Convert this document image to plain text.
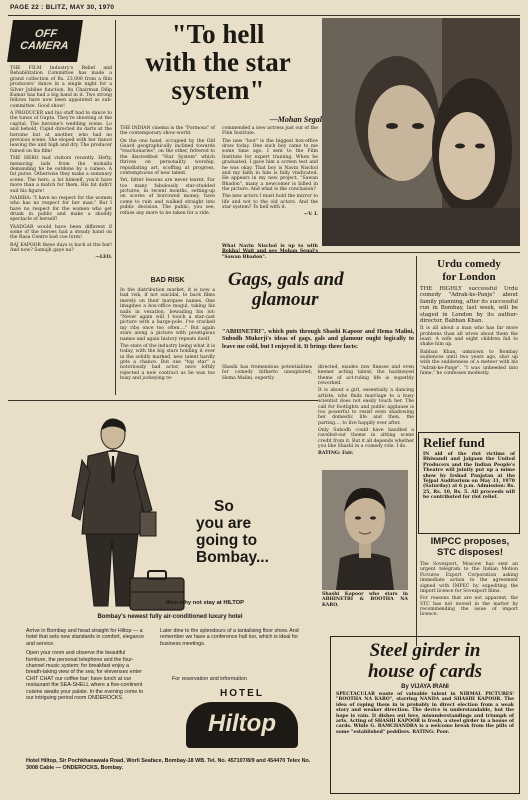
PAGE 22 : BLITZ, MAY 30, 1970
OFF CAMERA

THE FILM Industry's Relief and Rehabilitation Committee has made a grand collection of Rs. 23,000 from a film producers' dance in a single night for a Silver Jubilee function. Its Chairman Dilip Kumar has had a big hand in it. Two strong fellows have now been appointed as sub-committee. Good show!

A PRODUCER and his staff had to dance to the tunes of Gupta. They're shooting at the capital. The heroine's wedding scene. Lo and behold, Cupid directed its darts at the heroine but at another, who had no previous scene. She eloped with her fiancé leaving the unit high and dry. The producer fumed on his film!

THE HERO had visitors recently. Hefty, menacing lads from the mohalla demanding he be outdone by a cameo. A fat purse. Otherwise they make a summary scene. The hero, a lot himself, you'd have more than a match for them. His fat didn't suit his figure!

NADIRA: "I have no respect for the women who has no respect for her man." But I have no respect for the women who get drunk in public and make a shoddy spectacle of herself!

YAADGAR would have been different if some of the heroes had a steady hand on the Rasa Centre bad cue form!

RAJ KAPOOR these days is back at the bar! And now? Samajh gaye na?

—LEO.

"To hell
with the star
system"
—Mohan Segal

THE INDIAN cinema is the "Formosa" of the contemporary show-world.

On the one hand, occupied by the Old Guard geographically inclined towards "reactionaries", on the other, fettered to the discredited "Star System" which thrives on personality worship, repudiating art, scoffing at progress, contemptuous of new talent.

Yet, bitter lessons are never learnt. Far too many fabulously star-studded pictures, in recent months, setting-up on scores of borrowed money, have come to ruin and walked straight into public decision. The public, you see, refuse any more to be taken for a ride.

BAD RISK

In the distribution market, it is now a bad risk, if not suicidal, to back films merely on their marquee names. One imagines a box-office mogul, taking his nails in vexation, bewailing his lot: "Never again will I touch a star-cast picture with a barge-pole. I've cracked my ribs once too often...." But again stars along a picture with prestigious names and again history repeats itself.

The state of the industry being what it is today, with the big stars holding it over in the solidly marked, new talent hardly gets a chance. But one "top star" a notoriously bad actor, once loftily rejected a new contract as he was too busy and jockeying re-

commended a new actress just out of the Film Institute.

The new "loot" is the biggest box-office draw today. One such boy came to me some time ago. I sent to the Film Institute for expert training. When he graduated, I gave him a screen test and he was okay. That boy is Navin Nischol and my faith in him is fully vindicated. He appears in my new project, "Sawan Bhadon", many a newcomer is billed in the picture. And what is the conclusion?

The new actors I must hold the mirror to life and not to the old actors. And the star system? To hell with it.

—V. I.

What Navin Nischol is up to with "Sawan Bhadon".
Gags, gals and
glamour
"ABHINETRI", which puts through Shashi Kapoor and Hema Malini, Subodh Mukerji's ideas of gags, gals and glamour ought logically to leave me cold, but I enjoyed it. It brings three facts:

Shashi has tremendous potentialities for comedy hitherto unexplored; Hema Malini, expertly

directed, exudes raw finesse and even keener acting talent; the hackneyed theme of act-ruling life is superbly reworked.

It is about a girl, essentially a dancing artiste, who finds marriage to a busy scientist does not easily touch her. The call for footlights and public applause is too powerful to resist even shadowing her domestic life and then, the parting.... to live happily ever after.

Only Subodh could have handled a ravelled-out theme in sitting scene credit from it. But it all depends whether you like Shashi in a comedy role. I do.

RATING: Fair.

Shashi Kapoor who stars in ABHINETRI & BOOTHA NA KARO.
Urdu comedy
for London

THE HIGHLY successful Urdu comedy "Adrak-ke-Panje" about family planning, after its successful run in Bombay, last week, will be staged in London by its author-director, Babban Khan.

It is all about a man who has far more problems than all wives about them the least. A wife and eight children fail to shake him up.

Babban Khan, unknown to Bombay audiences until two years ago, shot up with the suddenness of a meteor with his "Adrak-ke-Panje". "I was unheeded into fame," he confesses modestly.

Relief fund
IN aid of the riot victims of Bhiwandi and Jalgaon the United Producers and the Indian People's Theatre will jointly put up a mime show by Irshad Panjatan at the Tejpal Auditorium on May 31, 1970 (Saturday) at 6 p.m. Admission: Rs. 25, Rs. 10, Rs. 5. All proceeds will be contributed for riot relief.
IMPCC proposes,
STC disposes!

The Sovexport, Moscow has sent an urgent telegram to the Indian Motion Pictures Export Corporation asking immediate action to the agreement signed with IMPEC by expediting the import licence for Sovexport films.

For reasons that are not apparent, the STC has not moved in the matter by recommending the issue of import licence.

Steel girder in
house of cards
By VIJAYA IRANI
SPECTACULAR waste of valuable talent in NIRMAL PICTURES' "BOOTHA NA KARO", starring NANDA and SHASHI KAPOOR. The idea of roping them in is probably in direct election from a weak story and weaker direction. The device is understandable, but the hope is vain. It dishes out love, misunderstandings and triumph of arts. Acting of SHASHI KAPOOR is fresh, a steel girder in a house of cards. While G. RAMCHANDRA is a welcome break from the pills of some "established" peddlers. RATING: Poor.
So
you are
going to
Bombay...
then why not stay at HILTOP
Bombay's newest fully air-conditioned luxury hotel

Arrive in Bombay and head straight for Hiltop — a hotel that sets new standards in comfort, elegance and service.

Open your room and observe the beautiful furniture, the personal telephone and the four-channel music system; for breakfast enjoy a breath-taking view of the sea; for elevenses enter CHIT CHAT our coffee bar; have lunch at our restaurant the SEA-SHELL where a five-continent cuisine awaits your palate. In the evening come to our intriguing period room ONDEROCKS.

Later dine to the splendours of a tantalising floor show. And remember we have a conference hall too, which is ideal for business meetings.
For reservation and information
HOTEL
Hiltop
Hotel Hiltop, Sir Pochkhanawala Road, Worli Seaface, Bombay-18 WB. Tel. No. 457107/8/9 and 454470 Telex No. 3008 Cable — ONDEROCKS, Bombay.
